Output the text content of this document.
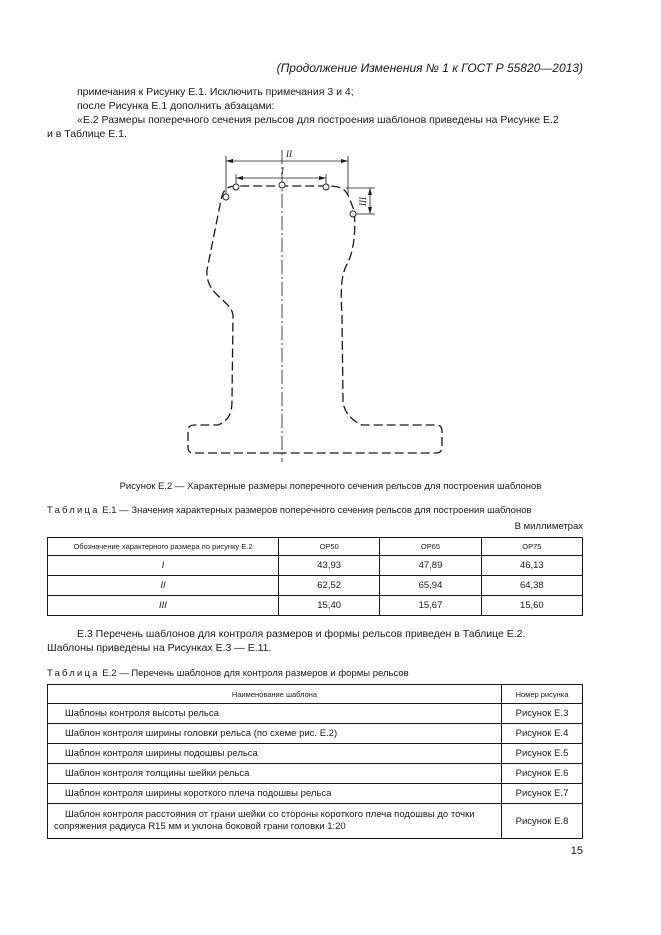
(Продолжение Изменения № 1 к ГОСТ Р 55820—2013)
примечания к Рисунку Е.1. Исключить примечания 3 и 4;
после Рисунка Е.1 дополнить абзацами:
«Е.2 Размеры поперечного сечения рельсов для построения шаблонов приведены на Рисунке Е.2
и в Таблице Е.1.
II
I
III
Рисунок Е.2 — Характерные размеры поперечного сечения рельсов для построения шаблонов
Таблица Е.1 — Значения характерных размеров поперечного сечения рельсов для построения шаблонов
В миллиметрах
Обозначение характерного размера по рисунку Е.2	ОР50	ОР65	ОР75
I	43,93	47,89	46,13
II	62,52	65,94	64,38
III	15,40	15,67	15,60
Е.3 Перечень шаблонов для контроля размеров и формы рельсов приведен в Таблице Е.2.
Шаблоны приведены на Рисунках Е.3 — Е.11.
Таблица Е.2 — Перечень шаблонов для контроля размеров и формы рельсов
Наименование шаблона	Номер рисунка
Шаблоны контроля высоты рельса	Рисунок Е.3
Шаблон контроля ширины головки рельса (по схеме рис. Е.2)	Рисунок Е.4
Шаблон контроля ширины подошвы рельса	Рисунок Е.5
Шаблон контроля толщины шейки рельса	Рисунок Е.6
Шаблон контроля ширины короткого плеча подошвы рельса	Рисунок Е.7

Шаблон контроля расстояния от грани шейки со стороны короткого плеча подошвы до точки
сопряжения радиуса R15 мм и уклона боковой грани головки 1:20	Рисунок Е.8
15
